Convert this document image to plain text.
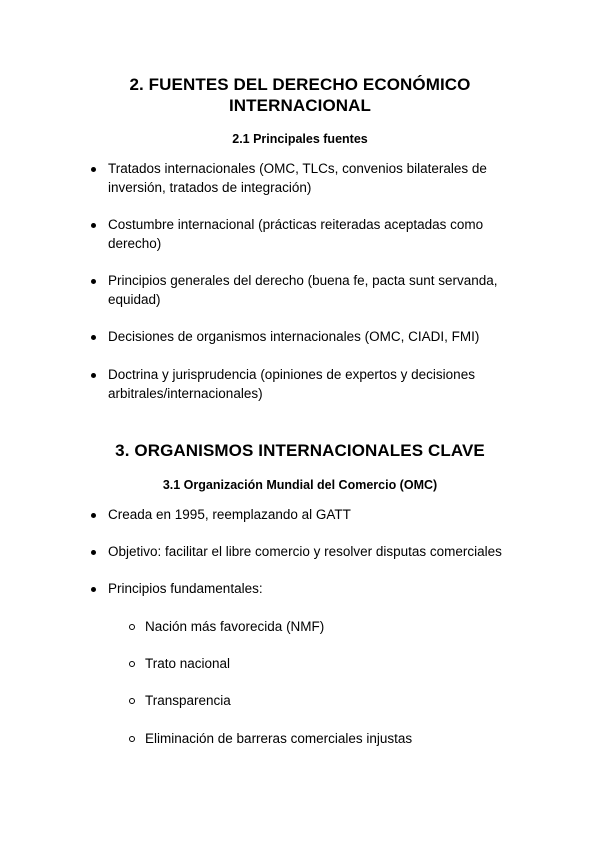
2. FUENTES DEL DERECHO ECONÓMICO
INTERNACIONAL
2.1 Principales fuentes
Tratados internacionales (OMC, TLCs, convenios bilaterales de inversión, tratados de integración)
Costumbre internacional (prácticas reiteradas aceptadas como derecho)
Principios generales del derecho (buena fe, pacta sunt servanda, equidad)
Decisiones de organismos internacionales (OMC, CIADI, FMI)
Doctrina y jurisprudencia (opiniones de expertos y decisiones arbitrales/internacionales)
3. ORGANISMOS INTERNACIONALES CLAVE
3.1 Organización Mundial del Comercio (OMC)
Creada en 1995, reemplazando al GATT
Objetivo: facilitar el libre comercio y resolver disputas comerciales
Principios fundamentales:
Nación más favorecida (NMF)
Trato nacional
Transparencia
Eliminación de barreras comerciales injustas
